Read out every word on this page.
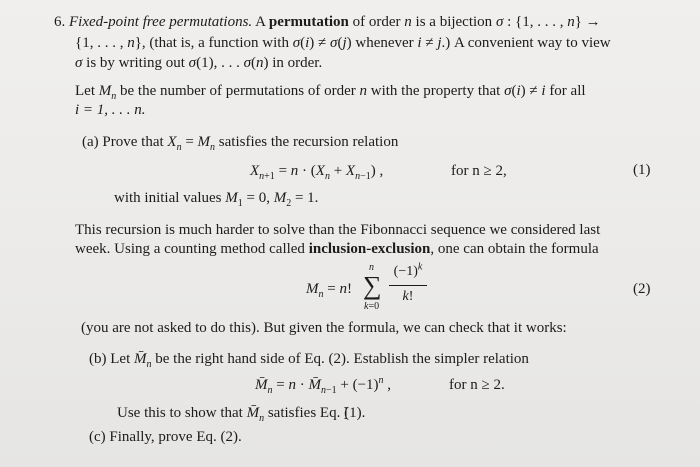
6. Fixed-point free permutations. A permutation of order n is a bijection σ : {1, . . . , n} →
{1, . . . , n}, (that is, a function with σ(i) ≠ σ(j) whenever i ≠ j.) A convenient way to view
σ is by writing out σ(1), . . . σ(n) in order.
Let $M_n$ be the number of permutations of order n with the property that σ(i) ≠ i for all
i = 1, . . . n.
(a) Prove that $X_n = M_n$ satisfies the recursion relation
$X_{n+1} = n \cdot (X_n + X_{n-1})$ ,	for n ≥ 2,	(1)
with initial values $M_1 = 0$, $M_2 = 1$.
This recursion is much harder to solve than the Fibonnacci sequence we considered last
week. Using a counting method called inclusion-exclusion, one can obtain the formula
$M_n = n$!
n
∑
k=0
$(-1)^k$
k!	(2)
(you are not asked to do this). But given the formula, we can check that it works:
(b) Let $M̄_n$ be the right hand side of Eq. (2). Establish the simpler relation
$M̄_n = n$ · $M̄_{n-1} + (-1)^n$ ,	for n ≥ 2.
Use this to show that $M̄_n$ satisfies Eq. (1).
(c) Finally, prove Eq. (2).
